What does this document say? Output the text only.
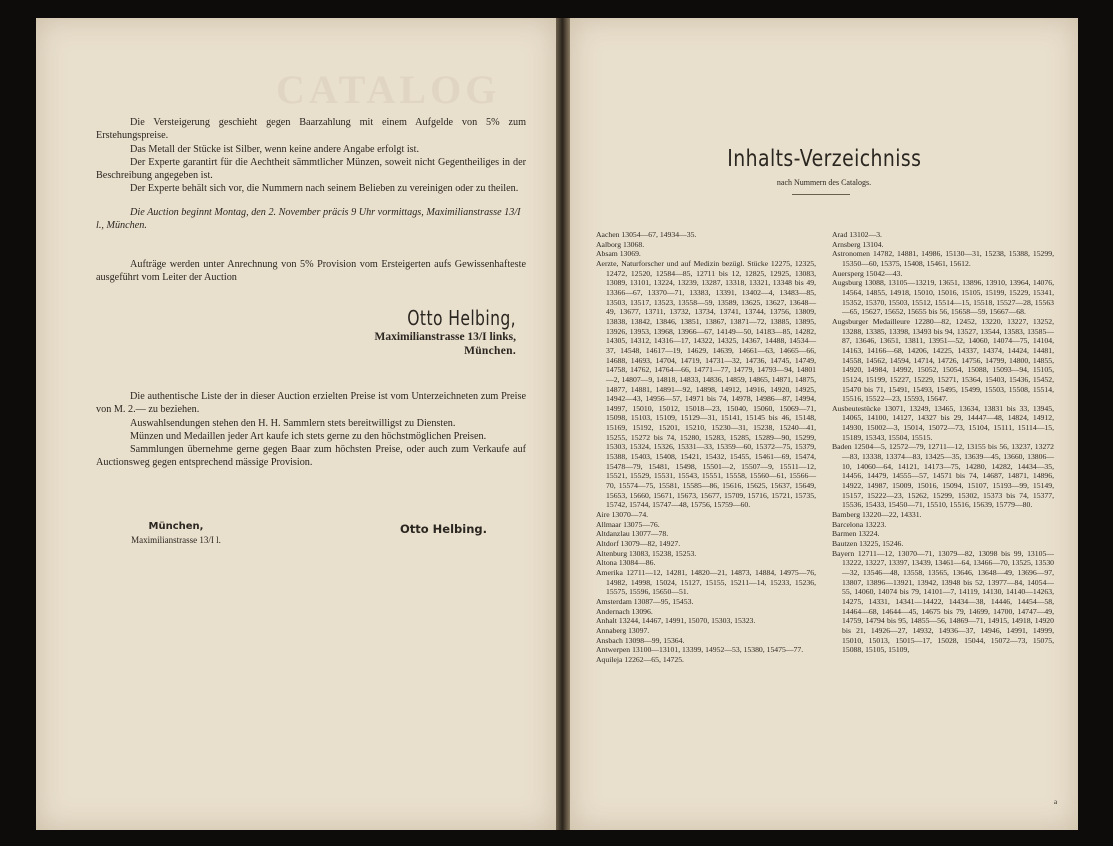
CATALOG

Die Versteigerung geschieht gegen Baarzahlung mit einem Aufgelde von 5% zum Erstehungspreise.

Das Metall der Stücke ist Silber, wenn keine andere Angabe erfolgt ist.

Der Experte garantirt für die Aechtheit sämmtlicher Münzen, soweit nicht Gegentheiliges in der Beschreibung angegeben ist.

Der Experte behält sich vor, die Nummern nach seinem Belieben zu vereinigen oder zu theilen.

Die Auction beginnt Montag, den 2. November präcis 9 Uhr vormittags, Maximilianstrasse 13/I l., München.

Aufträge werden unter Anrechnung von 5% Provision vom Ersteigerten aufs Gewissenhafteste ausgeführt vom Leiter der Auction

Otto Helbing,
Maximilianstrasse 13/I links,
München.

Die authentische Liste der in dieser Auction erzielten Preise ist vom Unterzeichneten zum Preise von M. 2.— zu beziehen.

Auswahlsendungen stehen den H. H. Sammlern stets bereitwilligst zu Diensten.

Münzen und Medaillen jeder Art kaufe ich stets gerne zu den höchstmöglichen Preisen.

Sammlungen übernehme gerne gegen Baar zum höchsten Preise, oder auch zum Verkaufe auf Auctionsweg gegen entsprechend mässige Provision.

München,
Maximilianstrasse 13/I l.
Otto Helbing.
Inhalts-Verzeichniss
nach Nummern des Catalogs.

Aachen 13054—67, 14934—35.

Aalborg 13068.

Absam 13069.

Aerzte, Naturforscher und auf Medizin bezügl. Stücke 12275, 12325, 12472, 12520, 12584—85, 12711 bis 12, 12825, 12925, 13083, 13089, 13101, 13224, 13239, 13287, 13318, 13321, 13348 bis 49, 13366—67, 13370—71, 13383, 13391, 13402—4, 13483—85, 13503, 13517, 13523, 13558—59, 13589, 13625, 13627, 13648—49, 13677, 13711, 13732, 13734, 13741, 13744, 13756, 13809, 13838, 13842, 13846, 13851, 13867, 13871—72, 13885, 13895, 13926, 13953, 13968, 13966—67, 14149—50, 14183—85, 14282, 14305, 14312, 14316—17, 14322, 14325, 14367, 14488, 14534—37, 14548, 14617—19, 14629, 14639, 14661—63, 14665—66, 14688, 14693, 14704, 14719, 14731—32, 14736, 14745, 14749, 14758, 14762, 14764—66, 14771—77, 14779, 14793—94, 14801—2, 14807—9, 14818, 14833, 14836, 14859, 14865, 14871, 14875, 14877, 14881, 14891—92, 14898, 14912, 14916, 14920, 14925, 14942—43, 14956—57, 14971 bis 74, 14978, 14986—87, 14994, 14997, 15010, 15012, 15018—23, 15040, 15060, 15069—71, 15098, 15103, 15109, 15129—31, 15141, 15145 bis 46, 15148, 15169, 15192, 15201, 15210, 15230—31, 15238, 15240—41, 15255, 15272 bis 74, 15280, 15283, 15285, 15289—90, 15299, 15303, 15324, 15326, 15331—33, 15359—60, 15372—75, 15379, 15388, 15403, 15408, 15421, 15432, 15455, 15461—69, 15474, 15478—79, 15481, 15498, 15501—2, 15507—9, 15511—12, 15521, 15529, 15531, 15543, 15551, 15558, 15560—61, 15566—70, 15574—75, 15581, 15585—86, 15616, 15625, 15637, 15649, 15653, 15660, 15671, 15673, 15677, 15709, 15716, 15721, 15735, 15742, 15744, 15747—48, 15756, 15759—60.

Aire 13070—74.

Allmaar 13075—76.

Altdanzlau 13077—78.

Altdorf 13079—82, 14927.

Altenburg 13083, 15238, 15253.

Altona 13084—86.

Amerika 12711—12, 14281, 14820—21, 14873, 14884, 14975—76, 14982, 14998, 15024, 15127, 15155, 15211—14, 15233, 15236, 15575, 15596, 15650—51.

Amsterdam 13087—95, 15453.

Andernach 13096.

Anhalt 13244, 14467, 14991, 15070, 15303, 15323.

Annaberg 13097.

Ansbach 13098—99, 15364.

Antwerpen 13100—13101, 13399, 14952—53, 15380, 15475—77.

Aquileja 12262—65, 14725.

Arad 13102—3.

Arnsberg 13104.

Astronomen 14782, 14881, 14986, 15130—31, 15238, 15388, 15299, 15350—60, 15375, 15408, 15461, 15612.

Auersperg 15042—43.

Augsburg 13088, 13105—13219, 13651, 13896, 13910, 13964, 14076, 14564, 14855, 14918, 15010, 15016, 15105, 15199, 15229, 15341, 15352, 15370, 15503, 15512, 15514—15, 15518, 15527—28, 15563—65, 15627, 15652, 15655 bis 56, 15658—59, 15667—68.

Augsburger Medailleure 12280—82, 12452, 13220, 13227, 13252, 13288, 13385, 13398, 13493 bis 94, 13527, 13544, 13583, 13585—87, 13646, 13651, 13811, 13951—52, 14060, 14074—75, 14104, 14163, 14166—68, 14206, 14225, 14337, 14374, 14424, 14481, 14558, 14562, 14594, 14714, 14726, 14756, 14799, 14800, 14855, 14920, 14984, 14992, 15052, 15054, 15088, 15093—94, 15105, 15124, 15199, 15227, 15229, 15271, 15364, 15403, 15436, 15452, 15470 bis 71, 15491, 15493, 15495, 15499, 15503, 15508, 15514, 15516, 15522—23, 15593, 15647.

Ausbeutestücke 13071, 13249, 13465, 13634, 13831 bis 33, 13945, 14065, 14100, 14127, 14327 bis 29, 14447—48, 14824, 14912, 14930, 15002—3, 15014, 15072—73, 15104, 15111, 15114—15, 15189, 15343, 15504, 15515.

Baden 12504—5, 12572—79, 12711—12, 13155 bis 56, 13237, 13272—83, 13338, 13374—83, 13425—35, 13639—45, 13660, 13806—10, 14060—64, 14121, 14173—75, 14280, 14282, 14434—35, 14456, 14479, 14555—57, 14571 bis 74, 14687, 14871, 14896, 14922, 14987, 15009, 15016, 15094, 15107, 15193—99, 15149, 15157, 15222—23, 15262, 15299, 15302, 15373 bis 74, 15377, 15536, 15433, 15450—71, 15510, 15516, 15639, 15779—80.

Bamberg 13220—22, 14331.

Barcelona 13223.

Barmen 13224.

Bautzen 13225, 15246.

Bayern 12711—12, 13070—71, 13079—82, 13098 bis 99, 13105—13222, 13227, 13397, 13439, 13461—64, 13466—70, 13525, 13530—32, 13546—48, 13558, 13565, 13646, 13648—49, 13696—97, 13807, 13896—13921, 13942, 13948 bis 52, 13977—84, 14054—55, 14060, 14074 bis 79, 14101—7, 14119, 14130, 14140—14263, 14275, 14331, 14341—14422, 14434—38, 14446, 14454—58, 14464—68, 14644—45, 14675 bis 79, 14699, 14700, 14747—49, 14759, 14794 bis 95, 14855—56, 14869—71, 14915, 14918, 14920 bis 21, 14926—27, 14932, 14936—37, 14946, 14991, 14999, 15010, 15013, 15015—17, 15028, 15044, 15072—73, 15075, 15088, 15105, 15109,

a
